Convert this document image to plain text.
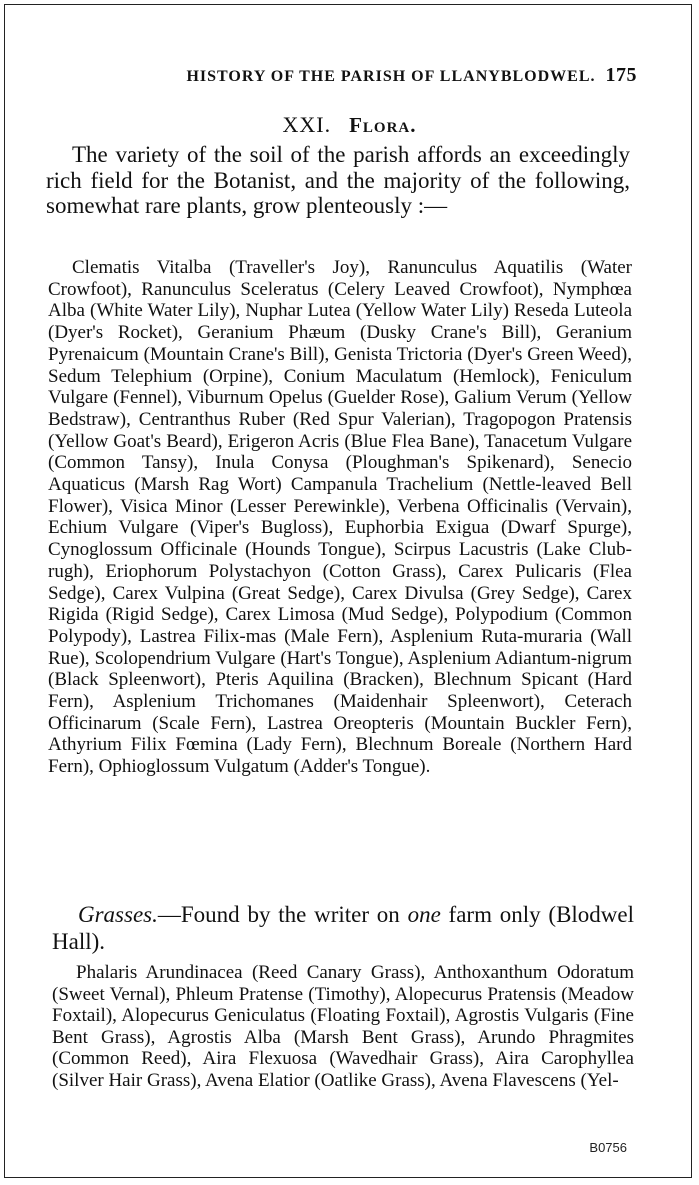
HISTORY OF THE PARISH OF LLANYBLODWEL. 175
XXI. Flora.

The variety of the soil of the parish affords an exceedingly rich field for the Botanist, and the majority of the following, somewhat rare plants, grow plenteously :—

Clematis Vitalba (Traveller's Joy), Ranunculus Aquatilis (Water Crowfoot), Ranunculus Sceleratus (Celery Leaved Crowfoot), Nymphœa Alba (White Water Lily), Nuphar Lutea (Yellow Water Lily) Reseda Luteola (Dyer's Rocket), Geranium Phæum (Dusky Crane's Bill), Geranium Pyrenaicum (Mountain Crane's Bill), Genista Trictoria (Dyer's Green Weed), Sedum Telephium (Orpine), Conium Maculatum (Hemlock), Feniculum Vulgare (Fennel), Viburnum Opelus (Guelder Rose), Galium Verum (Yellow Bedstraw), Centranthus Ruber (Red Spur Valerian), Tragopogon Pratensis (Yellow Goat's Beard), Erigeron Acris (Blue Flea Bane), Tanacetum Vulgare (Common Tansy), Inula Conysa (Ploughman's Spikenard), Senecio Aquaticus (Marsh Rag Wort) Campanula Trachelium (Nettle-leaved Bell Flower), Visica Minor (Lesser Perewinkle), Verbena Officinalis (Vervain), Echium Vulgare (Viper's Bugloss), Euphorbia Exigua (Dwarf Spurge), Cynoglossum Officinale (Hounds Tongue), Scirpus Lacustris (Lake Club-rugh), Eriophorum Polystachyon (Cotton Grass), Carex Pulicaris (Flea Sedge), Carex Vulpina (Great Sedge), Carex Divulsa (Grey Sedge), Carex Rigida (Rigid Sedge), Carex Limosa (Mud Sedge), Polypodium (Common Polypody), Lastrea Filix-mas (Male Fern), Asplenium Ruta-muraria (Wall Rue), Scolopendrium Vulgare (Hart's Tongue), Asplenium Adiantum-nigrum (Black Spleenwort), Pteris Aquilina (Bracken), Blechnum Spicant (Hard Fern), Asplenium Trichomanes (Maidenhair Spleenwort), Ceterach Officinarum (Scale Fern), Lastrea Oreopteris (Mountain Buckler Fern), Athyrium Filix Fœmina (Lady Fern), Blechnum Boreale (Northern Hard Fern), Ophioglossum Vulgatum (Adder's Tongue).

Grasses.—Found by the writer on one farm only (Blodwel Hall).

Phalaris Arundinacea (Reed Canary Grass), Anthoxanthum Odoratum (Sweet Vernal), Phleum Pratense (Timothy), Alopecurus Pratensis (Meadow Foxtail), Alopecurus Geniculatus (Floating Foxtail), Agrostis Vulgaris (Fine Bent Grass), Agrostis Alba (Marsh Bent Grass), Arundo Phragmites (Common Reed), Aira Flexuosa (Wavedhair Grass), Aira Carophyllea (Silver Hair Grass), Avena Elatior (Oatlike Grass), Avena Flavescens (Yel-

B0756
